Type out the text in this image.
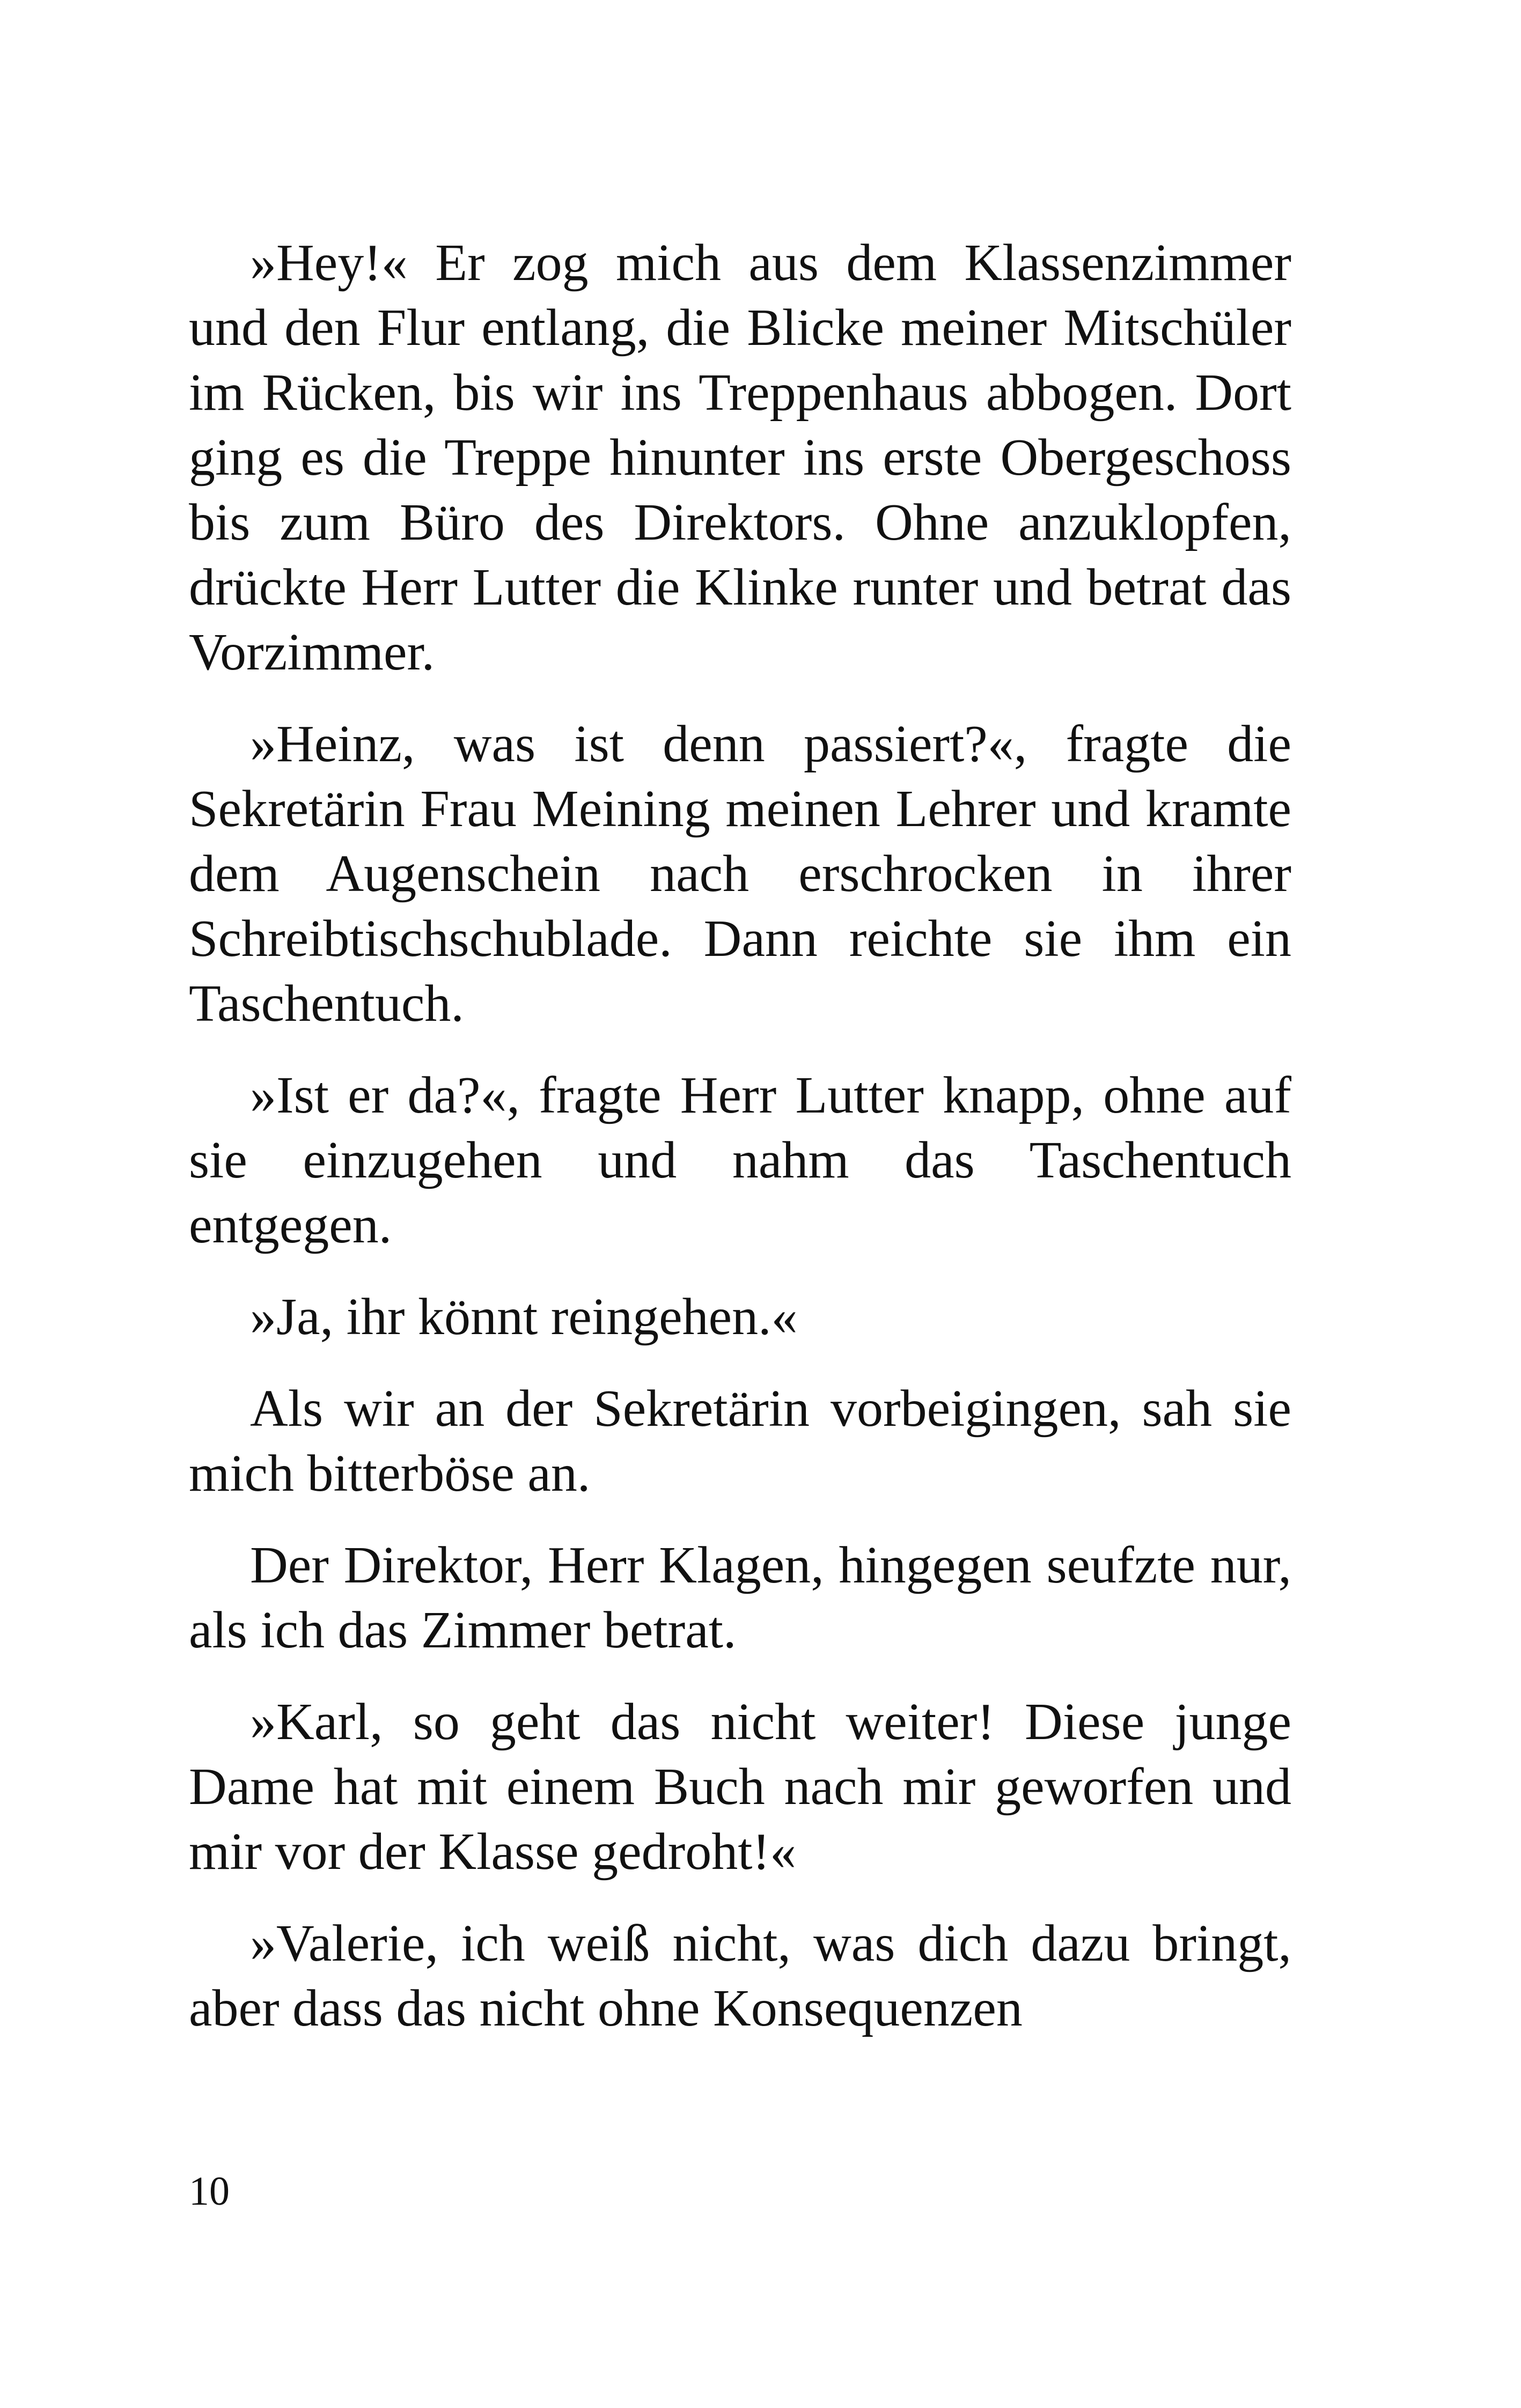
»Hey!« Er zog mich aus dem Klassenzimmer und den Flur entlang, die Blicke meiner Mitschüler im Rücken, bis wir ins Treppenhaus abbogen. Dort ging es die Treppe hinunter ins erste Obergeschoss bis zum Büro des Direktors. Ohne anzuklopfen, drückte Herr Lutter die Klinke runter und betrat das Vorzimmer.

»Heinz, was ist denn passiert?«, fragte die Sekretärin Frau Meining meinen Lehrer und kramte dem Augenschein nach erschrocken in ihrer Schreibtischschublade. Dann reichte sie ihm ein Taschentuch.

»Ist er da?«, fragte Herr Lutter knapp, ohne auf sie einzugehen und nahm das Taschentuch entgegen.

»Ja, ihr könnt reingehen.«

Als wir an der Sekretärin vorbeigingen, sah sie mich bitterböse an.

Der Direktor, Herr Klagen, hingegen seufzte nur, als ich das Zimmer betrat.

»Karl, so geht das nicht weiter! Diese junge Dame hat mit einem Buch nach mir geworfen und mir vor der Klasse gedroht!«

»Valerie, ich weiß nicht, was dich dazu bringt, aber dass das nicht ohne Konsequenzen

10
